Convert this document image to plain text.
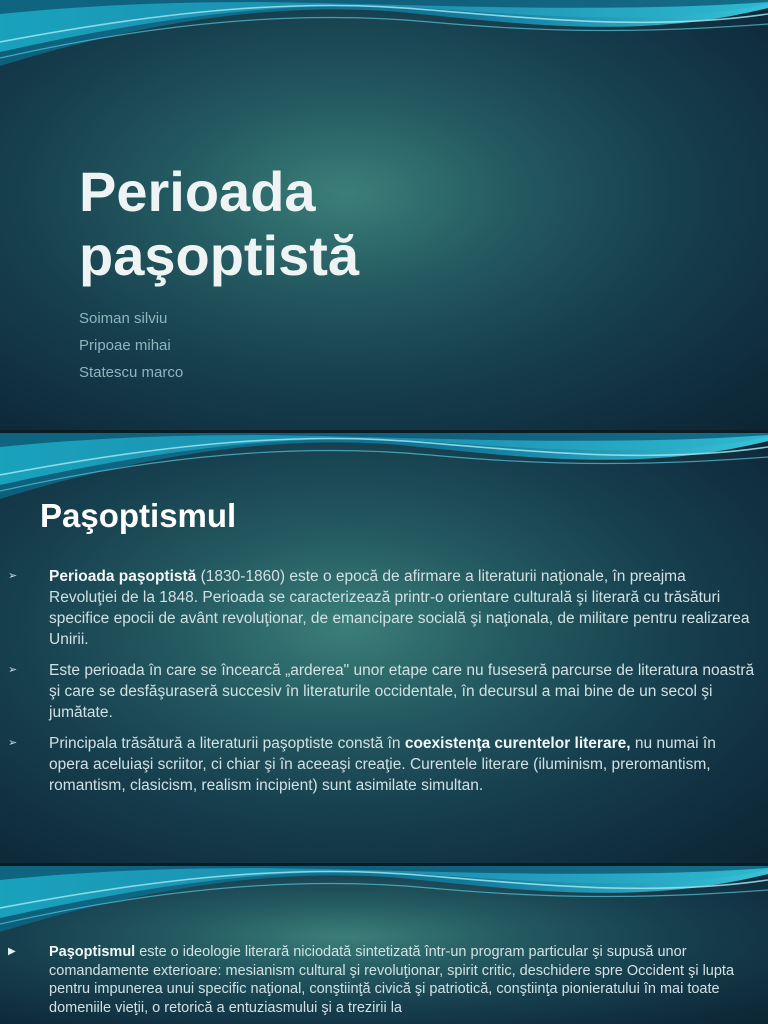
Perioada
paşoptistă
Soiman silviu
Pripoae mihai
Statescu marco
Paşoptismul
➢ Perioada paşoptistă (1830-1860) este o epocă de afirmare a literaturii naţionale, în preajma Revoluţiei de la 1848. Perioada se caracterizează printr-o orientare culturală şi literară cu trăsături specifice epocii de avânt revoluţionar, de emancipare socială şi naţionala, de militare pentru realizarea Unirii.
➢ Este perioada în care se încearcă „arderea" unor etape care nu fuseseră parcurse de literatura noastră şi care se desfăşuraseră succesiv în literaturile occidentale, în decursul a mai bine de un secol şi jumătate.
➢ Principala trăsătură a literaturii paşoptiste constă în coexistenţa curentelor literare, nu numai în opera aceluiaşi scriitor, ci chiar şi în aceeaşi creaţie. Curentele literare (iluminism, preromantism, romantism, clasicism, realism incipient) sunt asimilate simultan.
▶ Paşoptismul este o ideologie literară niciodată sintetizată într-un program particular şi supusă unor comandamente exterioare: mesianism cultural şi revoluţionar, spirit critic, deschidere spre Occident şi lupta pentru impunerea unui specific naţional, conştiinţă civică şi patriotică, conştiinţa pionieratului în mai toate domeniile vieţii, o retorică a entuziasmului şi a trezirii la
